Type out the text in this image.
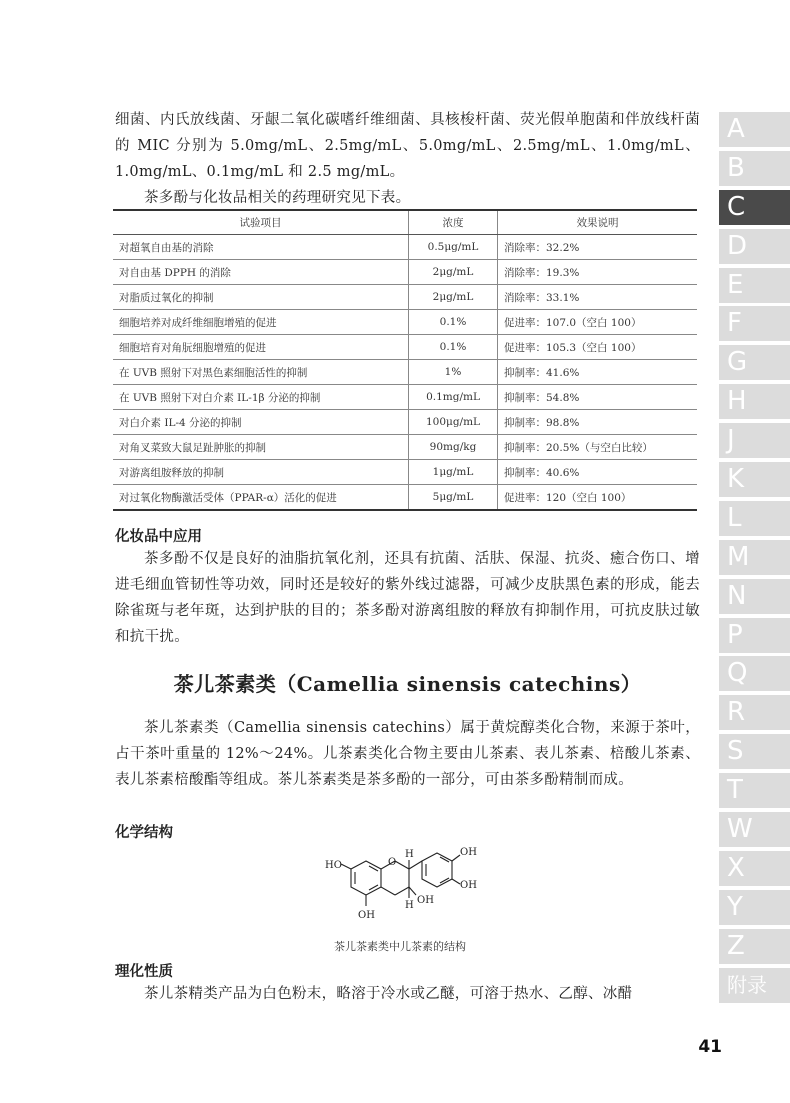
细菌、内氏放线菌、牙龈二氧化碳嗜纤维细菌、具核梭杆菌、荧光假单胞菌和伴放线杆菌的 MIC 分别为 5.0mg/mL、2.5mg/mL、5.0mg/mL、2.5mg/mL、1.0mg/mL、1.0mg/mL、0.1mg/mL 和 2.5 mg/mL。

茶多酚与化妆品相关的药理研究见下表。

试验项目	浓度	效果说明
对超氧自由基的消除	0.5μg/mL	消除率：32.2%
对自由基 DPPH 的消除	2μg/mL	消除率：19.3%
对脂质过氧化的抑制	2μg/mL	消除率：33.1%
细胞培养对成纤维细胞增殖的促进	0.1%	促进率：107.0（空白 100）
细胞培育对角朊细胞增殖的促进	0.1%	促进率：105.3（空白 100）
在 UVB 照射下对黑色素细胞活性的抑制	1%	抑制率：41.6%
在 UVB 照射下对白介素 IL-1β 分泌的抑制	0.1mg/mL	抑制率：54.8%
对白介素 IL-4 分泌的抑制	100μg/mL	抑制率：98.8%
对角叉菜致大鼠足趾肿胀的抑制	90mg/kg	抑制率：20.5%（与空白比较）
对游离组胺释放的抑制	1μg/mL	抑制率：40.6%
对过氧化物酶激活受体（PPAR-α）活化的促进	5μg/mL	促进率：120（空白 100）
化妆品中应用

茶多酚不仅是良好的油脂抗氧化剂，还具有抗菌、活肤、保湿、抗炎、癒合伤口、增进毛细血管韧性等功效，同时还是较好的紫外线过滤器，可减少皮肤黑色素的形成，能去除雀斑与老年斑，达到护肤的目的；茶多酚对游离组胺的释放有抑制作用，可抗皮肤过敏和抗干扰。

茶儿茶素类（Camellia sinensis catechins）

茶儿茶素类（Camellia sinensis catechins）属于黄烷醇类化合物，来源于茶叶，占干茶叶重量的 12%～24%。儿茶素类化合物主要由儿茶素、表儿茶素、棓酸儿茶素、表儿茶素棓酸酯等组成。茶儿茶素类是茶多酚的一部分，可由茶多酚精制而成。

化学结构
O
HO
OH
OH
OH
OH
H
H
茶儿茶素类中儿茶素的结构
理化性质

茶儿茶精类产品为白色粉末，略溶于冷水或乙醚，可溶于热水、乙醇、冰醋

41
A
B
C
D
E
F
G
H
J
K
L
M
N
P
Q
R
S
T
W
X
Y
Z
附录
